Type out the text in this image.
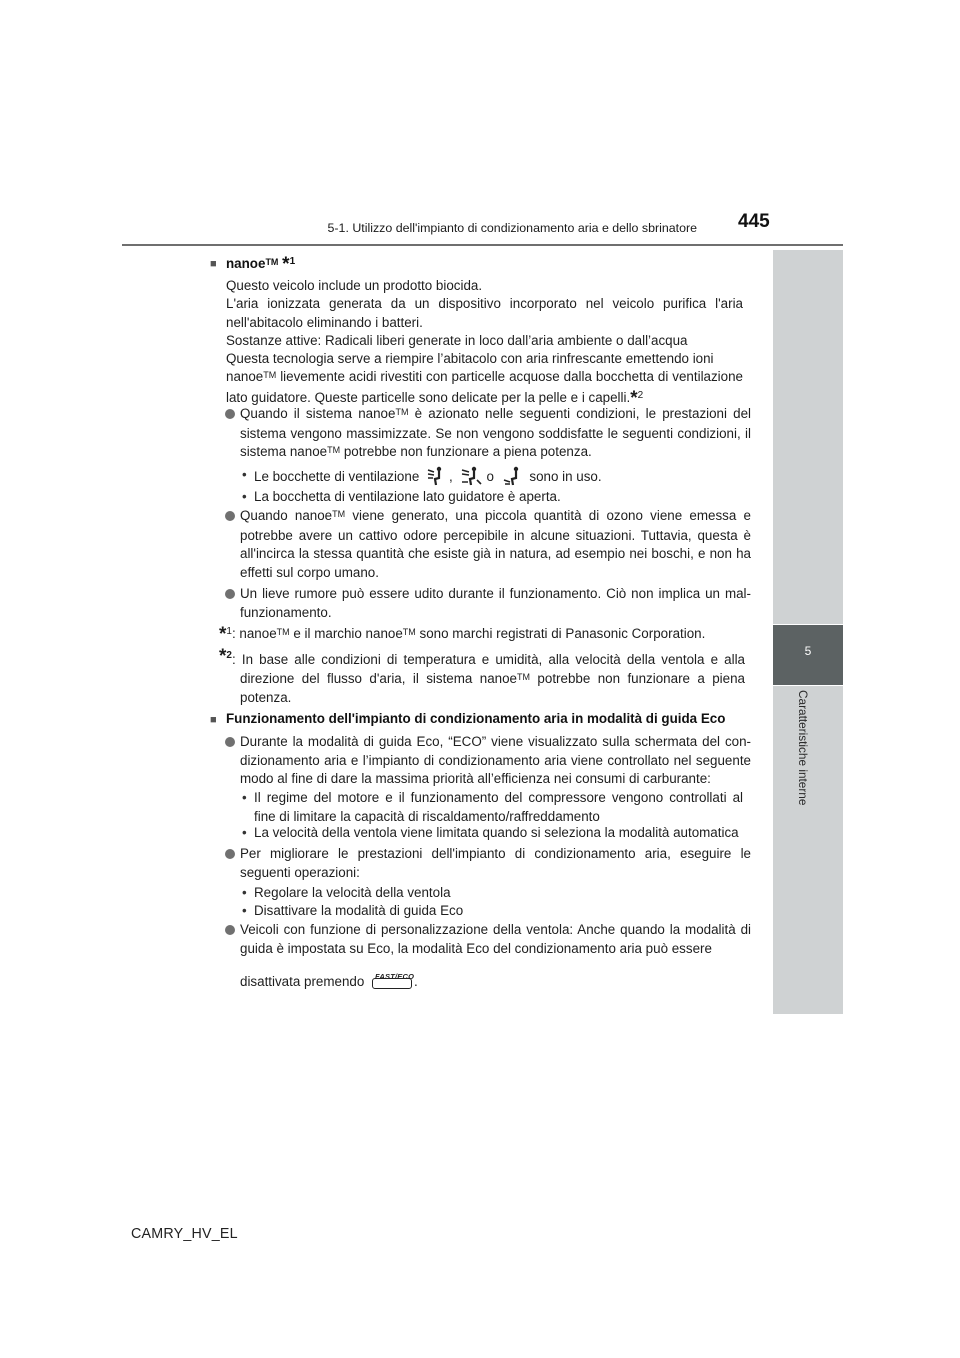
5-1. Utilizzo dell'impianto di condizionamento aria e dello sbrinatore 445
5
Caratteristiche interne

■ nanoe™ *$^1$

Questo veicolo include un prodotto biocida.

L'aria ionizzata generata da un dispositivo incorporato nel veicolo purifica l'aria nell'abitacolo eliminando i batteri.

Sostanze attive: Radicali liberi generate in loco dall’aria ambiente o dall’acqua

Questa tecnologia serve a riempire l’abitacolo con aria rinfrescante emettendo ioni

nanoe™ lievemente acidi rivestiti con particelle acquose dalla bocchetta di ventilazione lato guidatore. Queste particelle sono delicate per la pelle e i capelli.*$^2$

Quando il sistema nanoe™ è azionato nelle seguenti condizioni, le prestazioni del sistema vengono massimizzate. Se non vengono soddisfatte le seguenti condizioni, il sistema nanoe™ potrebbe non funzionare a piena potenza.

• Le bocchette di ventilazione ,	o	sono in uso.

• La bocchetta di ventilazione lato guidatore è aperta.

Quando nanoe™ viene generato, una piccola quantità di ozono viene emessa e potrebbe avere un cattivo odore percepibile in alcune situazioni. Tuttavia, questa è all'incirca la stessa quantità che esiste già in natura, ad esempio nei boschi, e non ha effetti sul corpo umano.

Un lieve rumore può essere udito durante il funzionamento. Ciò non implica un mal-funzionamento.

*$^1$: nanoe™ e il marchio nanoe™ sono marchi registrati di Panasonic Corporation.

*$^2$ : In base alle condizioni di temperatura e umidità, alla velocità della ventola e alla direzione del flusso d'aria, il sistema nanoe™ potrebbe non funzionare a piena potenza.

■ Funzionamento dell'impianto di condizionamento aria in modalità di guida Eco

Durante la modalità di guida Eco, “ECO” viene visualizzato sulla schermata del con-dizionamento aria e l’impianto di condizionamento aria viene controllato nel seguente modo al fine di dare la massima priorità all’efficienza nei consumi di carburante:

• Il regime del motore e il funzionamento del compressore vengono controllati al fine di limitare la capacità di riscaldamento/raffreddamento

• La velocità della ventola viene limitata quando si seleziona la modalità automatica

Per migliorare le prestazioni dell'impianto di condizionamento aria, eseguire le seguenti operazioni:

• Regolare la velocità della ventola

• Disattivare la modalità di guida Eco

Veicoli con funzione di personalizzazione della ventola: Anche quando la modalità di guida è impostata su Eco, la modalità Eco del condizionamento aria può essere

disattivata premendo FAST/ECO .

CAMRY_HV_EL
